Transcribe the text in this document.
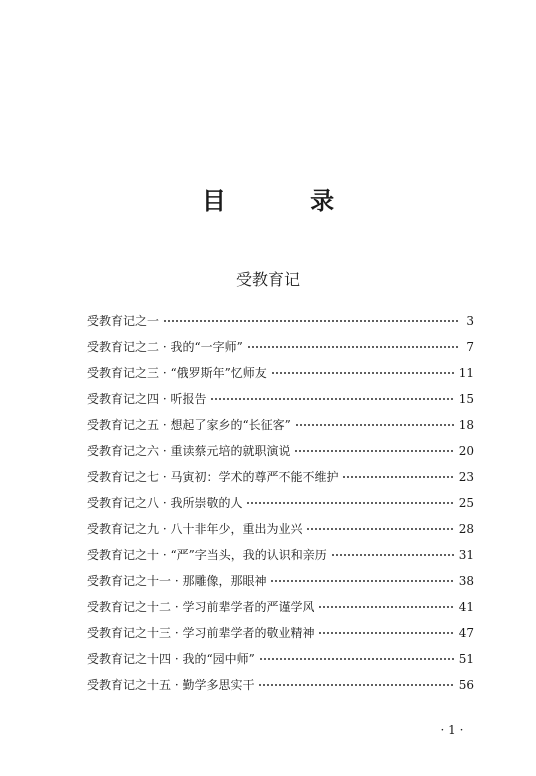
目 录
受教育记
受教育记之一	3
受教育记之二 · 我的“一字师”	7
受教育记之三 · “俄罗斯年”忆师友	11
受教育记之四 · 听报告	15
受教育记之五 · 想起了家乡的“长征客”	18
受教育记之六 · 重读蔡元培的就职演说	20
受教育记之七 · 马寅初：学术的尊严不能不维护	23
受教育记之八 · 我所崇敬的人	25
受教育记之九 · 八十非年少，重出为业兴	28
受教育记之十 · “严”字当头，我的认识和亲历	31
受教育记之十一 · 那雕像，那眼神	38
受教育记之十二 · 学习前辈学者的严谨学风	41
受教育记之十三 · 学习前辈学者的敬业精神	47
受教育记之十四 · 我的“园中师”	51
受教育记之十五 · 勤学多思实干	56
· 1 ·
